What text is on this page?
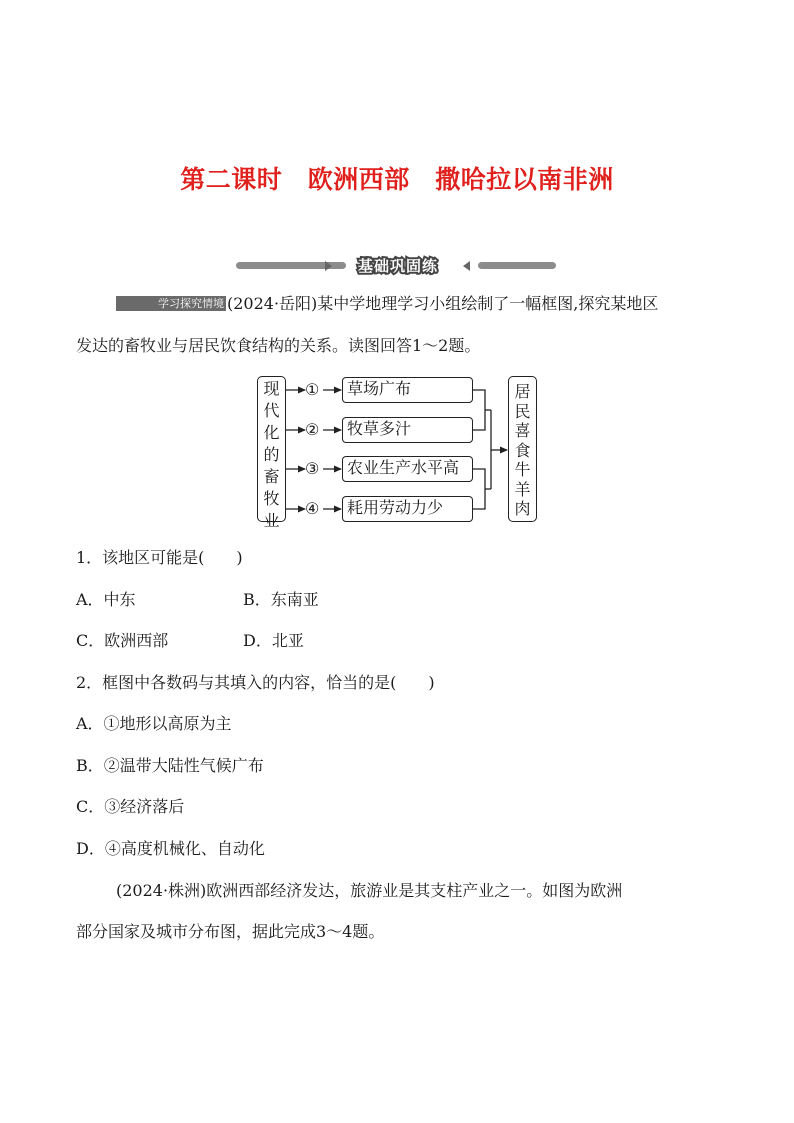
第二课时　欧洲西部　撒哈拉以南非洲
基础巩固练
学习探究情境 (2024·岳阳)某中学地理学习小组绘制了一幅框图,探究某地区
发达的畜牧业与居民饮食结构的关系。读图回答1～2题。
现
代
化
的
畜
牧
业
①
②
③
④
草场广布
牧草多汁
农业生产水平高
耗用劳动力少
居
民
喜
食
牛
羊
肉
1．该地区可能是(　　)
A．中东	B．东南亚
C．欧洲西部	D．北亚
2．框图中各数码与其填入的内容，恰当的是(　　)
A．①地形以高原为主
B．②温带大陆性气候广布
C．③经济落后
D．④高度机械化、自动化
(2024·株洲)欧洲西部经济发达，旅游业是其支柱产业之一。如图为欧洲
部分国家及城市分布图，据此完成3～4题。
